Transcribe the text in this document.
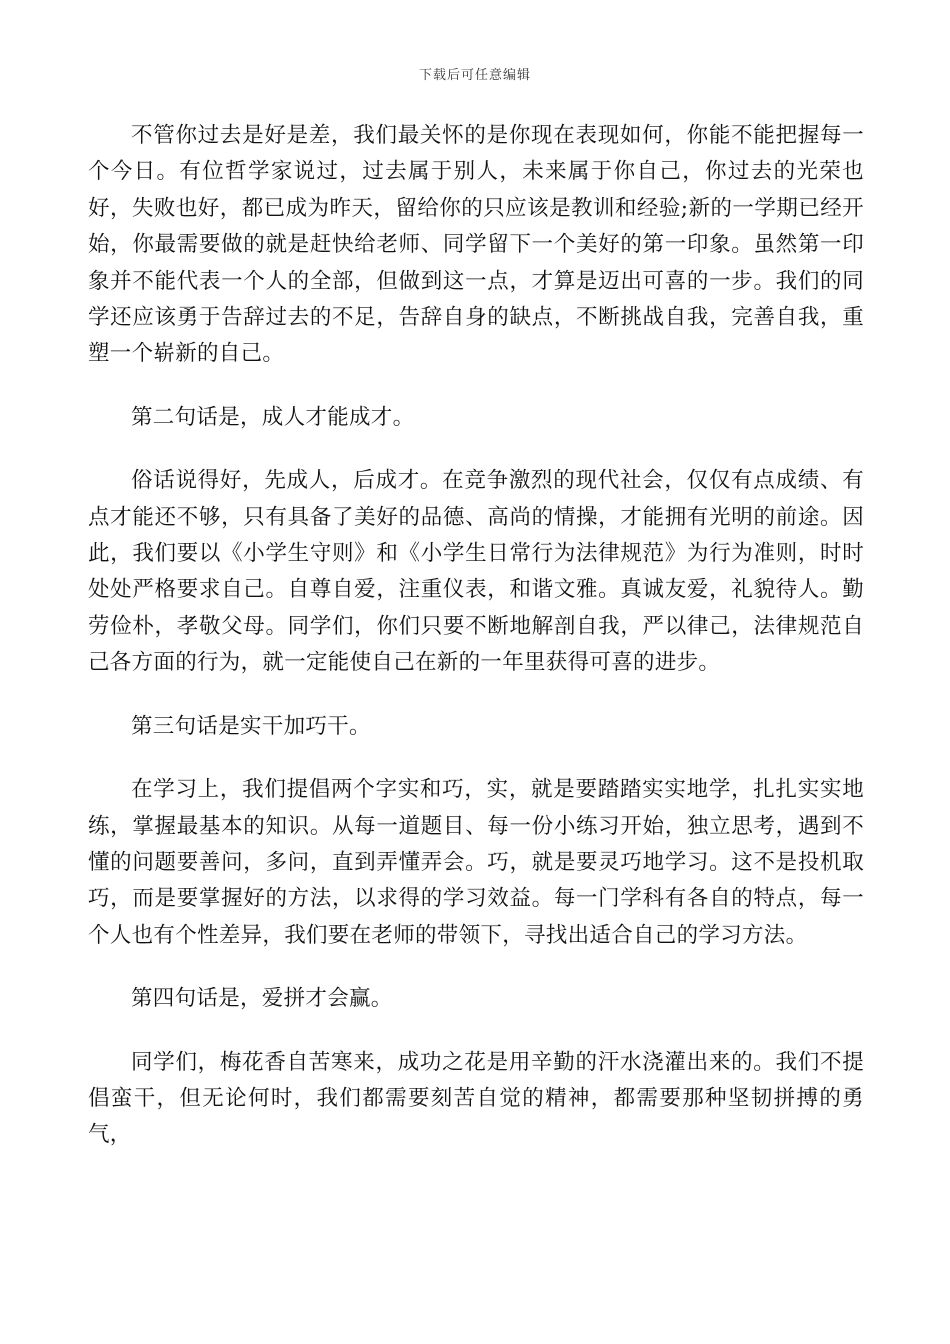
下载后可任意编辑

不管你过去是好是差，我们最关怀的是你现在表现如何，你能不能把握每一个今日。有位哲学家说过，过去属于别人，未来属于你自己，你过去的光荣也好，失败也好，都已成为昨天，留给你的只应该是教训和经验;新的一学期已经开始，你最需要做的就是赶快给老师、同学留下一个美好的第一印象。虽然第一印象并不能代表一个人的全部，但做到这一点，才算是迈出可喜的一步。我们的同学还应该勇于告辞过去的不足，告辞自身的缺点，不断挑战自我，完善自我，重塑一个崭新的自己。

第二句话是，成人才能成才。

俗话说得好，先成人，后成才。在竞争激烈的现代社会，仅仅有点成绩、有点才能还不够，只有具备了美好的品德、高尚的情操，才能拥有光明的前途。因此，我们要以《小学生守则》和《小学生日常行为法律规范》为行为准则，时时处处严格要求自己。自尊自爱，注重仪表，和谐文雅。真诚友爱，礼貌待人。勤劳俭朴，孝敬父母。同学们，你们只要不断地解剖自我，严以律己，法律规范自己各方面的行为，就一定能使自己在新的一年里获得可喜的进步。

第三句话是实干加巧干。

在学习上，我们提倡两个字实和巧，实，就是要踏踏实实地学，扎扎实实地练，掌握最基本的知识。从每一道题目、每一份小练习开始，独立思考，遇到不懂的问题要善问，多问，直到弄懂弄会。巧，就是要灵巧地学习。这不是投机取巧，而是要掌握好的方法，以求得的学习效益。每一门学科有各自的特点，每一个人也有个性差异，我们要在老师的带领下，寻找出适合自己的学习方法。

第四句话是，爱拼才会赢。

同学们，梅花香自苦寒来，成功之花是用辛勤的汗水浇灌出来的。我们不提倡蛮干，但无论何时，我们都需要刻苦自觉的精神，都需要那种坚韧拼搏的勇气，
